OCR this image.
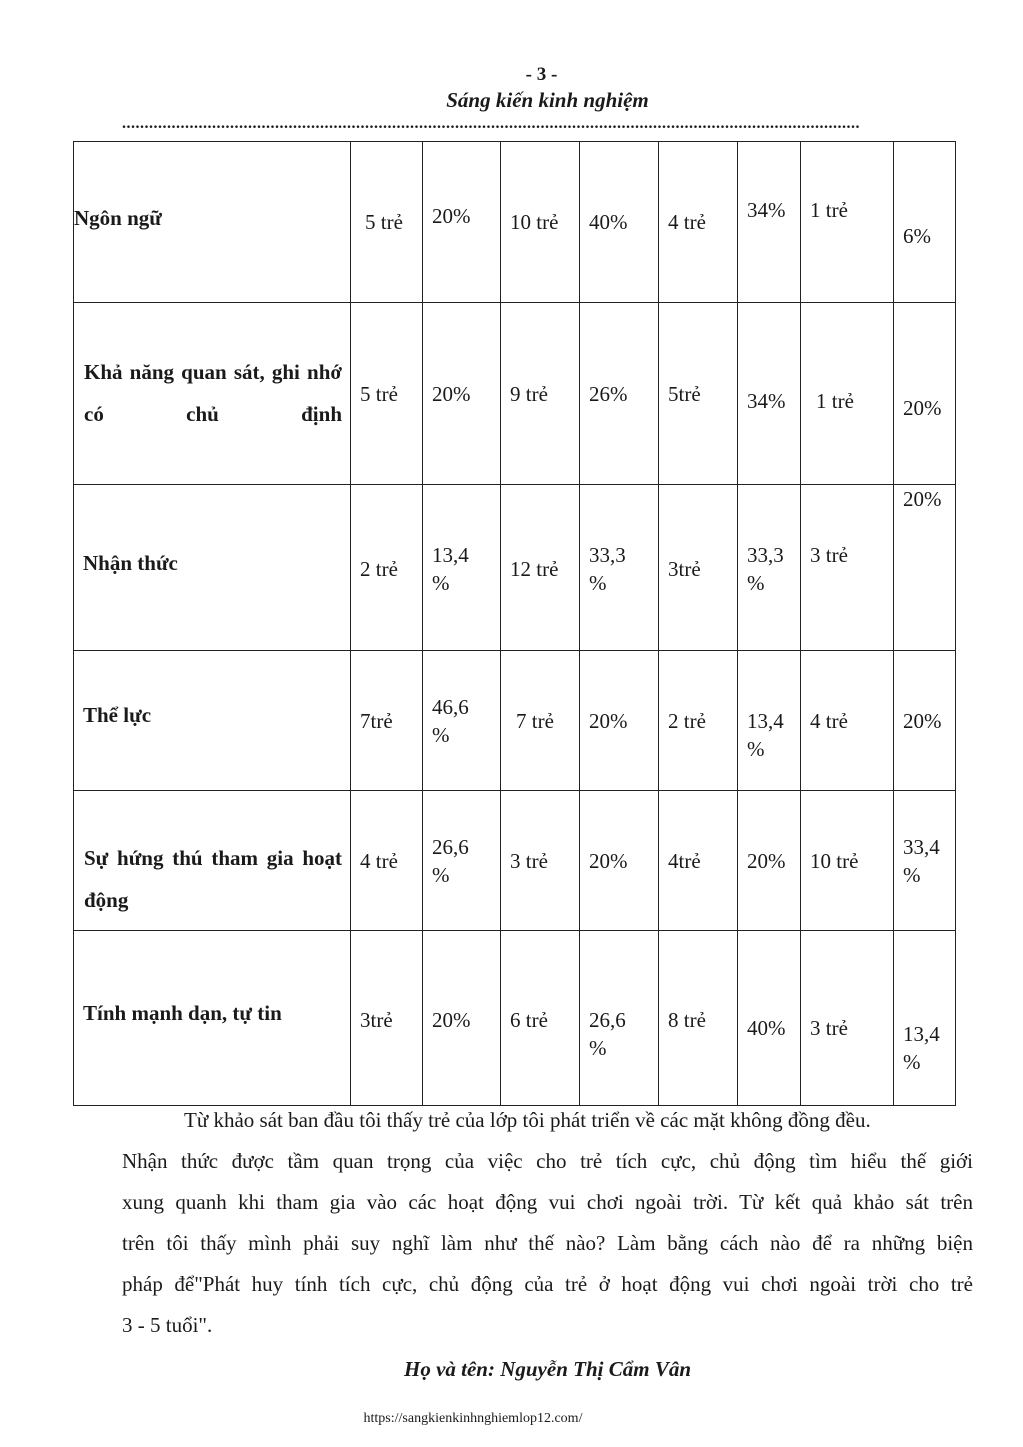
- 3 -
Sáng kiến kinh nghiệm
....................................................................................................................................................................
Ngôn ngữ	5 trẻ	20%	10 trẻ	40%	4 trẻ	34%	1 trẻ	6%

Khả năng quan sát, ghi nhớ có chủ định	5 trẻ	20%	9 trẻ	26%	5trẻ	34%	1 trẻ	20%

Nhận thức	2 trẻ	13,4 %	12 trẻ	33,3 %	3trẻ	33,3 %	3 trẻ	20%

Thể lực	7trẻ	46,6 %	7 trẻ	20%	2 trẻ	13,4 %	4 trẻ	20%

Sự hứng thú tham gia hoạt động	4 trẻ	26,6 %	3 trẻ	20%	4trẻ	20%	10 trẻ	33,4 %

Tính mạnh dạn, tự tin	3trẻ	20%	6 trẻ	26,6 %	8 trẻ	40%	3 trẻ	13,4 %
Từ khảo sát ban đầu tôi thấy trẻ của lớp tôi phát triển về các mặt không đồng đều.
Nhận thức được tầm quan trọng của việc cho trẻ tích cực, chủ động tìm hiểu thế giới
xung quanh khi tham gia vào các hoạt động vui chơi ngoài trời. Từ kết quả khảo sát trên
trên tôi thấy mình phải suy nghĩ làm như thế nào? Làm bằng cách nào để ra những biện
pháp để"Phát huy tính tích cực, chủ động của trẻ ở hoạt động vui chơi ngoài trời cho trẻ
3 - 5 tuổi".
Họ và tên: Nguyễn Thị Cẩm Vân
https://sangkienkinhnghiemlop12.com/
